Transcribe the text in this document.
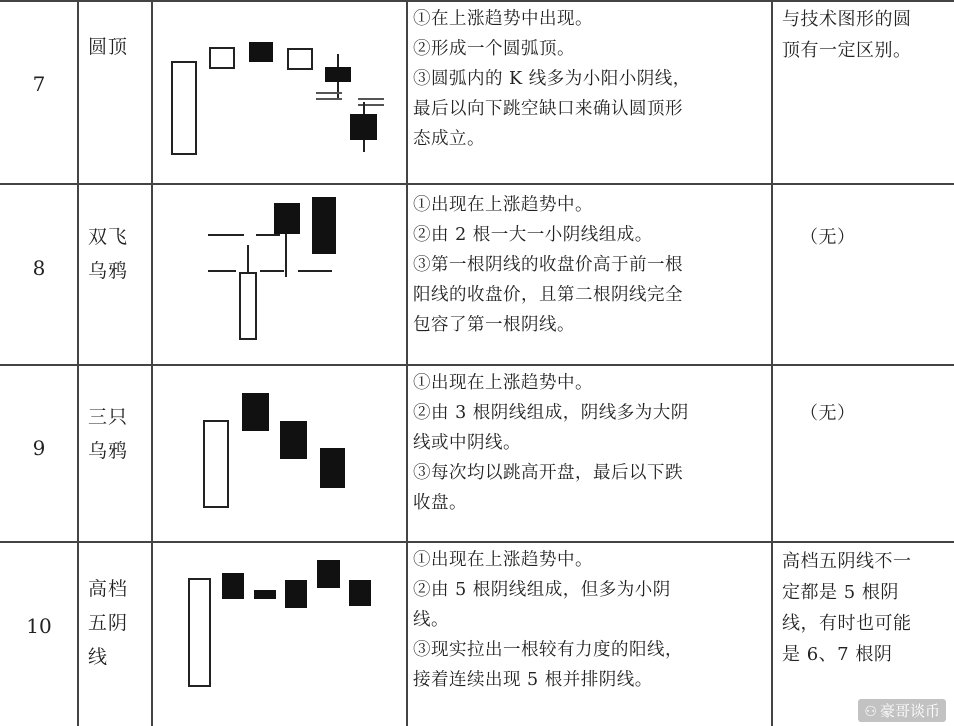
7
圆顶

①在上涨趋势中出现。

②形成一个圆弧顶。

③圆弧内的 K 线多为小阳小阴线，

最后以向下跳空缺口来确认圆顶形

态成立。

与技术图形的圆
顶有一定区别。
8
双飞乌鸦

①出现在上涨趋势中。

②由 2 根一大一小阴线组成。

③第一根阴线的收盘价高于前一根

阳线的收盘价，且第二根阴线完全

包容了第一根阴线。

（无）
9
三只乌鸦

①出现在上涨趋势中。

②由 3 根阴线组成，阴线多为大阴

线或中阴线。

③每次均以跳高开盘，最后以下跌

收盘。

（无）
10
高档五阴线

①出现在上涨趋势中。

②由 5 根阴线组成，但多为小阴

线。

③现实拉出一根较有力度的阳线，

接着连续出现 5 根并排阴线。

高档五阴线不一
定都是 5 根阴
线，有时也可能
是 6、7 根阴
⚇ 豪哥谈币
